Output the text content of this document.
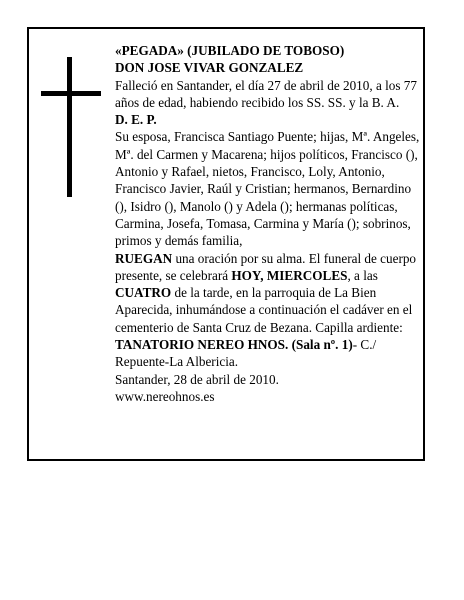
«PEGADA» (JUBILADO DE TOBOSO)

DON JOSE VIVAR GONZALEZ

Falleció en Santander, el día 27 de abril de 2010, a los 77 años de edad, habiendo recibido los SS. SS. y la B. A.

D. E. P.

Su esposa, Francisca Santiago Puente; hijas, Mª. Angeles, Mª. del Carmen y Macarena; hijos políticos, Francisco (), Antonio y Rafael, nietos, Francisco, Loly, Antonio, Francisco Javier, Raúl y Cristian; hermanos, Bernardino (), Isidro (), Manolo () y Adela (); hermanas políticas, Carmina, Josefa, Tomasa, Carmina y María (); sobrinos, primos y demás familia,

RUEGAN una oración por su alma. El funeral de cuerpo presente, se celebrará HOY, MIERCOLES, a las CUATRO de la tarde, en la parroquia de La Bien Aparecida, inhumándose a continuación el cadáver en el cementerio de Santa Cruz de Bezana. Capilla ardiente: TANATORIO NEREO HNOS. (Sala nº. 1)- C./ Repuente-La Albericia.

Santander, 28 de abril de 2010.

www.nereohnos.es
